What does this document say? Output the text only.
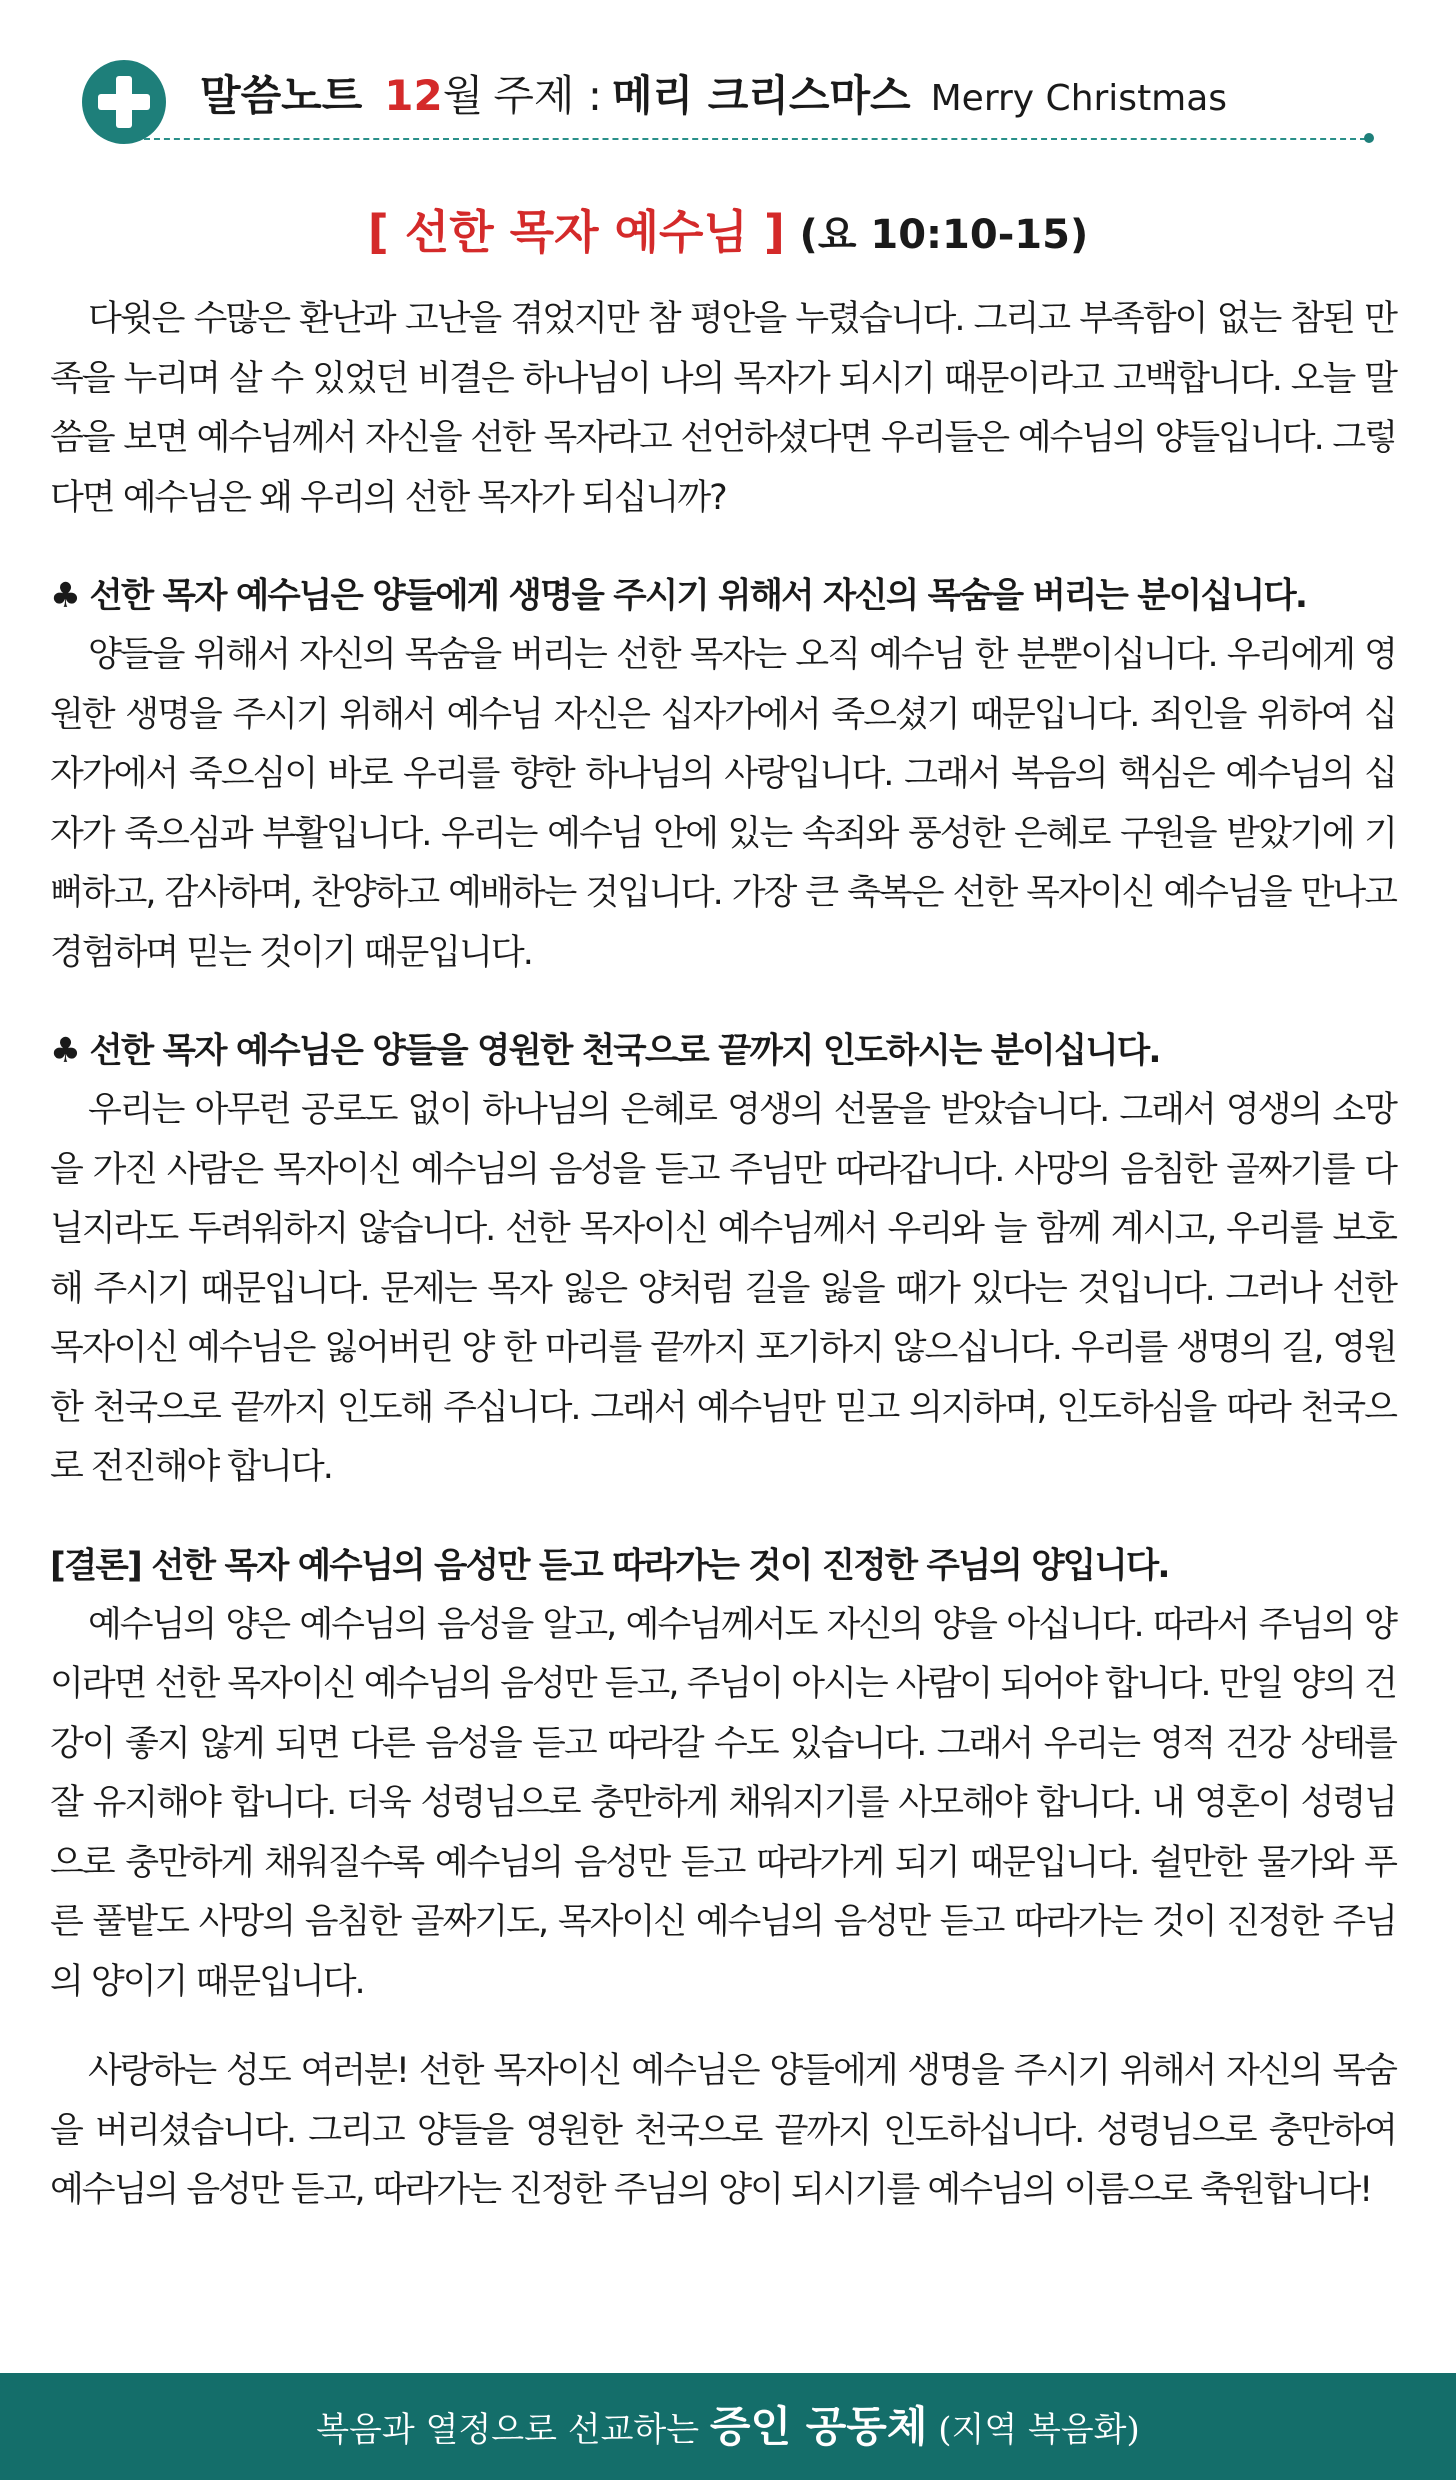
말씀노트 12월 주제 : 메리 크리스마스 Merry Christmas
[ 선한 목자 예수님 ] (요 10:10-15)

다윗은 수많은 환난과 고난을 겪었지만 참 평안을 누렸습니다. 그리고 부족함이 없는 참된 만족을 누리며 살 수 있었던 비결은 하나님이 나의 목자가 되시기 때문이라고 고백합니다. 오늘 말씀을 보면 예수님께서 자신을 선한 목자라고 선언하셨다면 우리들은 예수님의 양들입니다. 그렇다면 예수님은 왜 우리의 선한 목자가 되십니까?

♣ 선한 목자 예수님은 양들에게 생명을 주시기 위해서 자신의 목숨을 버리는 분이십니다.

양들을 위해서 자신의 목숨을 버리는 선한 목자는 오직 예수님 한 분뿐이십니다. 우리에게 영원한 생명을 주시기 위해서 예수님 자신은 십자가에서 죽으셨기 때문입니다. 죄인을 위하여 십자가에서 죽으심이 바로 우리를 향한 하나님의 사랑입니다. 그래서 복음의 핵심은 예수님의 십자가 죽으심과 부활입니다. 우리는 예수님 안에 있는 속죄와 풍성한 은혜로 구원을 받았기에 기뻐하고, 감사하며, 찬양하고 예배하는 것입니다. 가장 큰 축복은 선한 목자이신 예수님을 만나고 경험하며 믿는 것이기 때문입니다.

♣ 선한 목자 예수님은 양들을 영원한 천국으로 끝까지 인도하시는 분이십니다.

우리는 아무런 공로도 없이 하나님의 은혜로 영생의 선물을 받았습니다. 그래서 영생의 소망을 가진 사람은 목자이신 예수님의 음성을 듣고 주님만 따라갑니다. 사망의 음침한 골짜기를 다닐지라도 두려워하지 않습니다. 선한 목자이신 예수님께서 우리와 늘 함께 계시고, 우리를 보호해 주시기 때문입니다. 문제는 목자 잃은 양처럼 길을 잃을 때가 있다는 것입니다. 그러나 선한 목자이신 예수님은 잃어버린 양 한 마리를 끝까지 포기하지 않으십니다. 우리를 생명의 길, 영원한 천국으로 끝까지 인도해 주십니다. 그래서 예수님만 믿고 의지하며, 인도하심을 따라 천국으로 전진해야 합니다.

[결론] 선한 목자 예수님의 음성만 듣고 따라가는 것이 진정한 주님의 양입니다.

예수님의 양은 예수님의 음성을 알고, 예수님께서도 자신의 양을 아십니다. 따라서 주님의 양이라면 선한 목자이신 예수님의 음성만 듣고, 주님이 아시는 사람이 되어야 합니다. 만일 양의 건강이 좋지 않게 되면 다른 음성을 듣고 따라갈 수도 있습니다. 그래서 우리는 영적 건강 상태를 잘 유지해야 합니다. 더욱 성령님으로 충만하게 채워지기를 사모해야 합니다. 내 영혼이 성령님으로 충만하게 채워질수록 예수님의 음성만 듣고 따라가게 되기 때문입니다. 쉴만한 물가와 푸른 풀밭도 사망의 음침한 골짜기도, 목자이신 예수님의 음성만 듣고 따라가는 것이 진정한 주님의 양이기 때문입니다.

사랑하는 성도 여러분! 선한 목자이신 예수님은 양들에게 생명을 주시기 위해서 자신의 목숨을 버리셨습니다. 그리고 양들을 영원한 천국으로 끝까지 인도하십니다. 성령님으로 충만하여 예수님의 음성만 듣고, 따라가는 진정한 주님의 양이 되시기를 예수님의 이름으로 축원합니다!

복음과 열정으로 선교하는 증인 공동체 (지역 복음화)
